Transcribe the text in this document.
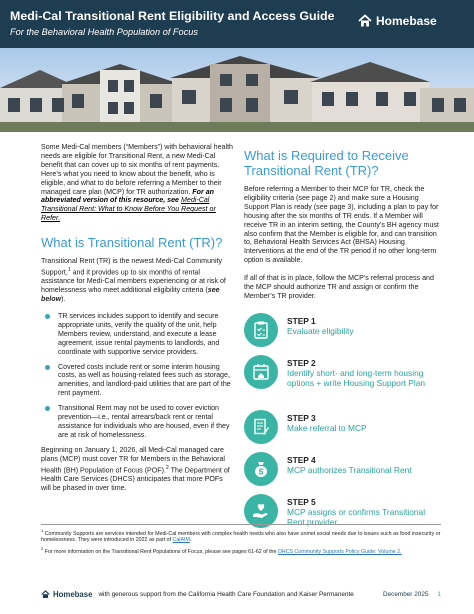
Medi-Cal Transitional Rent Eligibility and Access Guide
For the Behavioral Health Population of Focus
Homebase

Some Medi-Cal members (“Members”) with behavioral health needs are eligible for Transitional Rent, a new Medi-Cal benefit that can cover up to six months of rent payments. Here’s what you need to know about the benefit, who is eligible, and what to do before referring a Member to their managed care plan (MCP) for TR authorization. For an abbreviated version of this resource, see Medi-Cal Transitional Rent: What to Know Before You Request or Refer.

What is Transitional Rent (TR)?

Transitional Rent (TR) is the newest Medi-Cal Community Support,$^1$ and it provides up to six months of rental assistance for Medi-Cal members experiencing or at risk of homelessness who meet additional eligibility criteria (see below).

TR services includes support to identify and secure appropriate units, verify the quality of the unit, help Members review, understand, and execute a lease agreement, issue rental payments to landlords, and coordinate with supportive service providers.
Covered costs include rent or some interim housing costs, as well as housing-related fees such as storage, amenities, and landlord-paid utilities that are part of the rent payment.
Transitional Rent may not be used to cover eviction prevention—i.e., rental arrears/back rent or rental assistance for individuals who are housed, even if they are at risk of homelessness.

Beginning on January 1, 2026, all Medi-Cal managed care plans (MCP) must cover TR for Members in the Behavioral Health (BH) Population of Focus (POF).$^2$ The Department of Health Care Services (DHCS) anticipates that more POFs will be phased in over time.

What is Required to Receive Transitional Rent (TR)?

Before referring a Member to their MCP for TR, check the eligibility criteria (see page 2) and make sure a Housing Support Plan is ready (see page 3), including a plan to pay for housing after the six months of TR ends. If a Member will receive TR in an interim setting, the County’s BH agency must also confirm that the Member is eligible for, and can transition to, Behavioral Health Services Act (BHSA) Housing Interventions at the end of the TR period if no other long-term option is available.

If all of that is in place, follow the MCP’s referral process and the MCP should authorize TR and assign or confirm the Member’s TR provider.

STEP 1
Evaluate eligibility
STEP 2
Identify short- and long-term housing options + write Housing Support Plan
STEP 3
Make referral to MCP
$
STEP 4
MCP authorizes Transitional Rent
STEP 5
MCP assigns or confirms Transitional Rent provider

$^1$ Community Supports are services intended for Medi-Cal members with complex health needs who also have unmet social needs due to issues such as food insecurity or homelessness. They were introduced in 2022 as part of CalAIM.

$^2$ For more information on the Transitional Rent Populations of Focus, please see pages 61-62 of the DHCS Community Supports Policy Guide: Volume 2.

Homebase with generous support from the California Health Care Foundation and Kaiser Permanente	December 2025 1
